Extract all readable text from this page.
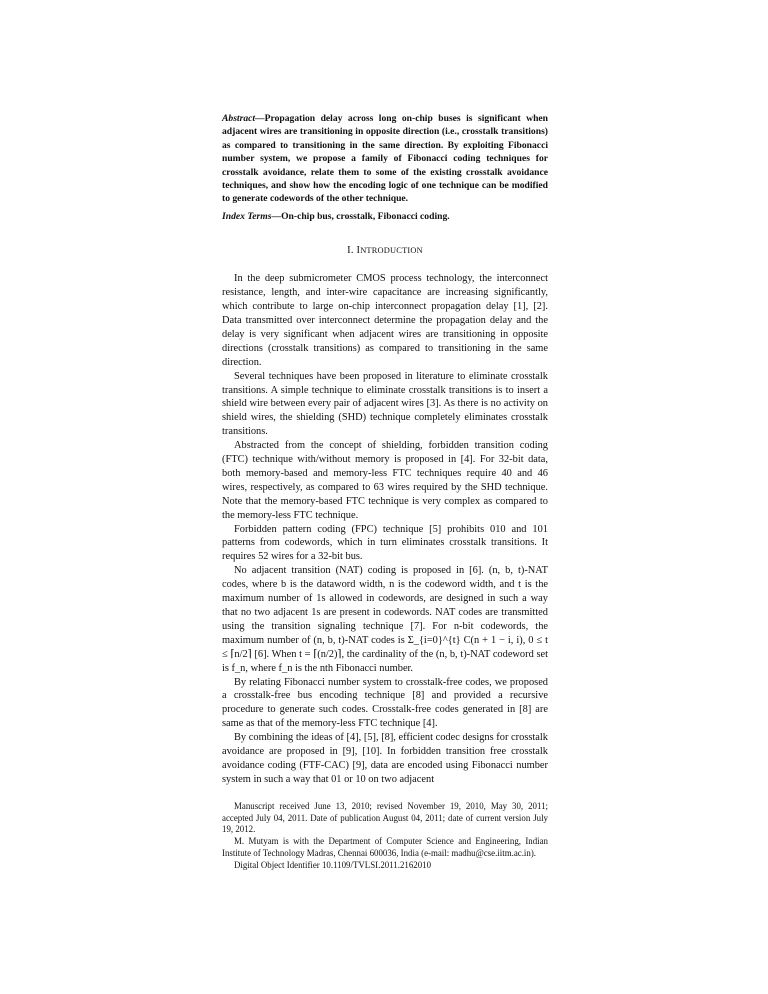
Abstract—Propagation delay across long on-chip buses is significant when adjacent wires are transitioning in opposite direction (i.e., crosstalk transitions) as compared to transitioning in the same direction. By exploiting Fibonacci number system, we propose a family of Fibonacci coding techniques for crosstalk avoidance, relate them to some of the existing crosstalk avoidance techniques, and show how the encoding logic of one technique can be modified to generate codewords of the other technique.

Index Terms—On-chip bus, crosstalk, Fibonacci coding.

I. INTRODUCTION

In the deep submicrometer CMOS process technology, the interconnect resistance, length, and inter-wire capacitance are increasing significantly, which contribute to large on-chip interconnect propagation delay [1], [2]. Data transmitted over interconnect determine the propagation delay and the delay is very significant when adjacent wires are transitioning in opposite directions (crosstalk transitions) as compared to transitioning in the same direction.

Several techniques have been proposed in literature to eliminate crosstalk transitions. A simple technique to eliminate crosstalk transitions is to insert a shield wire between every pair of adjacent wires [3]. As there is no activity on shield wires, the shielding (SHD) technique completely eliminates crosstalk transitions.

Abstracted from the concept of shielding, forbidden transition coding (FTC) technique with/without memory is proposed in [4]. For 32-bit data, both memory-based and memory-less FTC techniques require 40 and 46 wires, respectively, as compared to 63 wires required by the SHD technique. Note that the memory-based FTC technique is very complex as compared to the memory-less FTC technique.

Forbidden pattern coding (FPC) technique [5] prohibits 010 and 101 patterns from codewords, which in turn eliminates crosstalk transitions. It requires 52 wires for a 32-bit bus.

No adjacent transition (NAT) coding is proposed in [6]. (n, b, t)-NAT codes, where b is the dataword width, n is the codeword width, and t is the maximum number of 1s allowed in codewords, are designed in such a way that no two adjacent 1s are present in codewords. NAT codes are transmitted using the transition signaling technique [7]. For n-bit codewords, the maximum number of (n, b, t)-NAT codes is Σ_{i=0}^{t} C(n + 1 − i, i), 0 ≤ t ≤ ⌈n/2⌉ [6]. When t = ⌈(n/2)⌉, the cardinality of the (n, b, t)-NAT codeword set is f_n, where f_n is the nth Fibonacci number.

By relating Fibonacci number system to crosstalk-free codes, we proposed a crosstalk-free bus encoding technique [8] and provided a recursive procedure to generate such codes. Crosstalk-free codes generated in [8] are same as that of the memory-less FTC technique [4].

By combining the ideas of [4], [5], [8], efficient codec designs for crosstalk avoidance are proposed in [9], [10]. In forbidden transition free crosstalk avoidance coding (FTF-CAC) [9], data are encoded using Fibonacci number system in such a way that 01 or 10 on two adjacent

Manuscript received June 13, 2010; revised November 19, 2010, May 30, 2011; accepted July 04, 2011. Date of publication August 04, 2011; date of current version July 19, 2012.

M. Mutyam is with the Department of Computer Science and Engineering, Indian Institute of Technology Madras, Chennai 600036, India (e-mail: madhu@cse.iitm.ac.in).

Digital Object Identifier 10.1109/TVLSI.2011.2162010
